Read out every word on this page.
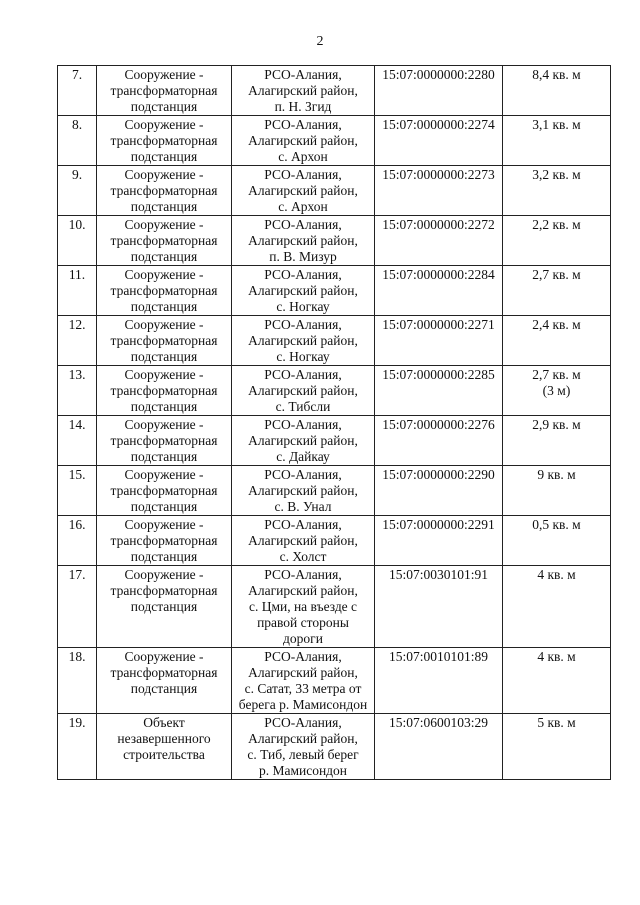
2
7.	Сооружение -
трансформаторная
подстанция	РСО-Алания,
Алагирский район,
п. Н. Згид	15:07:0000000:2280	8,4 кв. м

8.	Сооружение -
трансформаторная
подстанция	РСО-Алания,
Алагирский район,
с. Архон	15:07:0000000:2274	3,1 кв. м

9.	Сооружение -
трансформаторная
подстанция	РСО-Алания,
Алагирский район,
с. Архон	15:07:0000000:2273	3,2 кв. м

10.	Сооружение -
трансформаторная
подстанция	РСО-Алания,
Алагирский район,
п. В. Мизур	15:07:0000000:2272	2,2 кв. м

11.	Сооружение -
трансформаторная
подстанция	РСО-Алания,
Алагирский район,
с. Ногкау	15:07:0000000:2284	2,7 кв. м

12.	Сооружение -
трансформаторная
подстанция	РСО-Алания,
Алагирский район,
с. Ногкау	15:07:0000000:2271	2,4 кв. м

13.	Сооружение -
трансформаторная
подстанция	РСО-Алания,
Алагирский район,
с. Тибсли	15:07:0000000:2285	2,7 кв. м
(3 м)

14.	Сооружение -
трансформаторная
подстанция	РСО-Алания,
Алагирский район,
с. Дайкау	15:07:0000000:2276	2,9 кв. м

15.	Сооружение -
трансформаторная
подстанция	РСО-Алания,
Алагирский район,
с. В. Унал	15:07:0000000:2290	9 кв. м

16.	Сооружение -
трансформаторная
подстанция	РСО-Алания,
Алагирский район,
с. Холст	15:07:0000000:2291	0,5 кв. м

17.	Сооружение -
трансформаторная
подстанция	РСО-Алания,
Алагирский район,
с. Цми, на въезде с
правой стороны
дороги	15:07:0030101:91	4 кв. м

18.	Сооружение -
трансформаторная
подстанция	РСО-Алания,
Алагирский район,
с. Сатат, 33 метра от
берега р. Мамисондон	15:07:0010101:89	4 кв. м

19.	Объект
незавершенного
строительства	РСО-Алания,
Алагирский район,
с. Тиб, левый берег
р. Мамисондон	15:07:0600103:29	5 кв. м
